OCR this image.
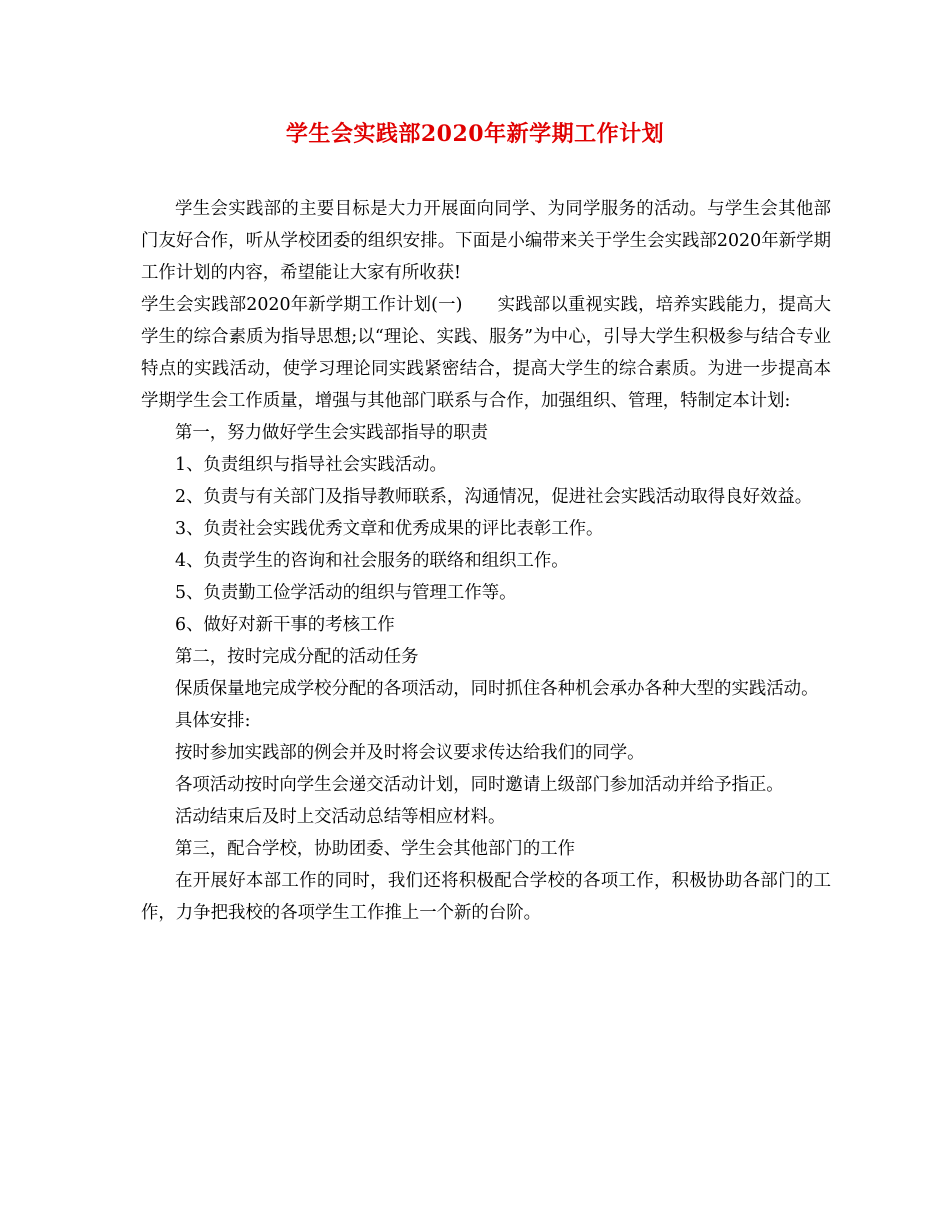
学生会实践部2020年新学期工作计划

学生会实践部的主要目标是大力开展面向同学、为同学服务的活动。与学生会其他部门友好合作，听从学校团委的组织安排。下面是小编带来关于学生会实践部2020年新学期工作计划的内容，希望能让大家有所收获!

学生会实践部2020年新学期工作计划(一)　　实践部以重视实践，培养实践能力，提高大学生的综合素质为指导思想;以“理论、实践、服务”为中心，引导大学生积极参与结合专业特点的实践活动，使学习理论同实践紧密结合，提高大学生的综合素质。为进一步提高本学期学生会工作质量，增强与其他部门联系与合作，加强组织、管理，特制定本计划:

第一，努力做好学生会实践部指导的职责

1、负责组织与指导社会实践活动。

2、负责与有关部门及指导教师联系，沟通情况，促进社会实践活动取得良好效益。

3、负责社会实践优秀文章和优秀成果的评比表彰工作。

4、负责学生的咨询和社会服务的联络和组织工作。

5、负责勤工俭学活动的组织与管理工作等。

6、做好对新干事的考核工作

第二，按时完成分配的活动任务

保质保量地完成学校分配的各项活动，同时抓住各种机会承办各种大型的实践活动。

具体安排:

按时参加实践部的例会并及时将会议要求传达给我们的同学。

各项活动按时向学生会递交活动计划，同时邀请上级部门参加活动并给予指正。

活动结束后及时上交活动总结等相应材料。

第三，配合学校，协助团委、学生会其他部门的工作

在开展好本部工作的同时，我们还将积极配合学校的各项工作，积极协助各部门的工作，力争把我校的各项学生工作推上一个新的台阶。
